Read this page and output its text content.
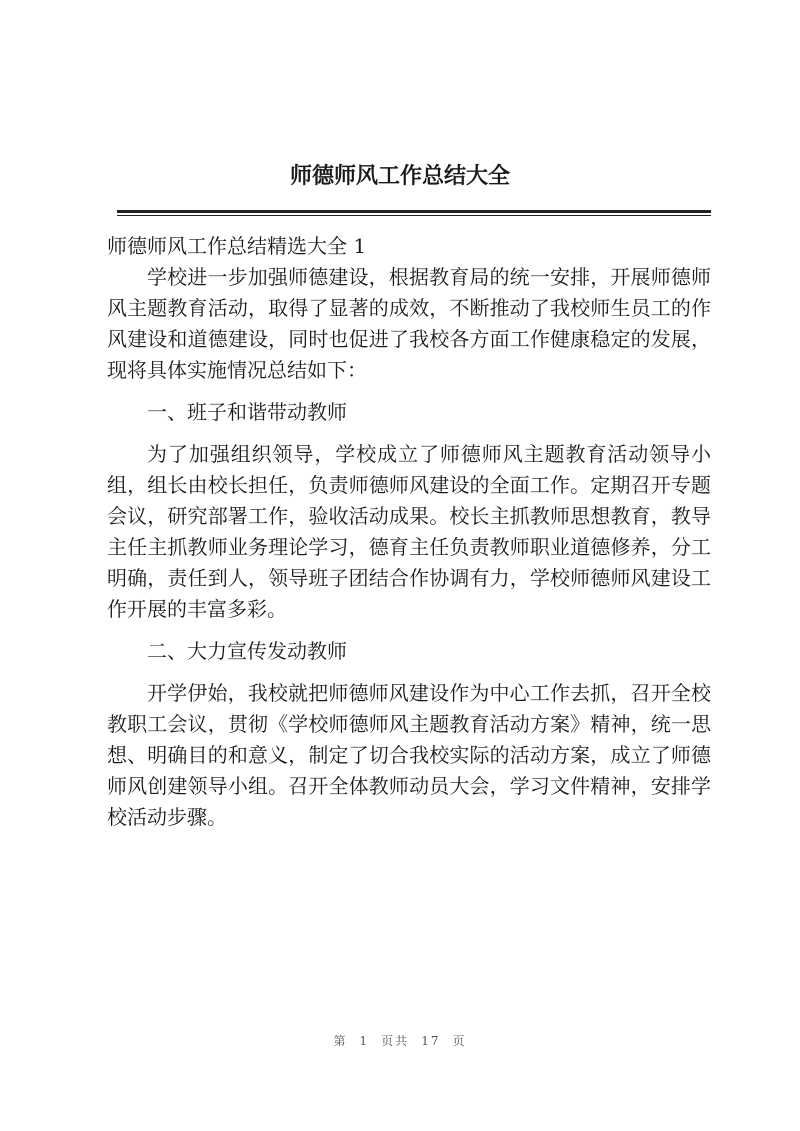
师德师风工作总结大全

师德师风工作总结精选大全 1

学校进一步加强师德建设，根据教育局的统一安排，开展师德师风主题教育活动，取得了显著的成效，不断推动了我校师生员工的作风建设和道德建设，同时也促进了我校各方面工作健康稳定的发展，现将具体实施情况总结如下：

一、班子和谐带动教师

为了加强组织领导，学校成立了师德师风主题教育活动领导小组，组长由校长担任，负责师德师风建设的全面工作。定期召开专题会议，研究部署工作，验收活动成果。校长主抓教师思想教育，教导主任主抓教师业务理论学习，德育主任负责教师职业道德修养，分工明确，责任到人，领导班子团结合作协调有力，学校师德师风建设工作开展的丰富多彩。

二、大力宣传发动教师

开学伊始，我校就把师德师风建设作为中心工作去抓，召开全校教职工会议，贯彻《学校师德师风主题教育活动方案》精神，统一思想、明确目的和意义，制定了切合我校实际的活动方案，成立了师德师风创建领导小组。召开全体教师动员大会，学习文件精神，安排学校活动步骤。

第 1 页共 17 页
